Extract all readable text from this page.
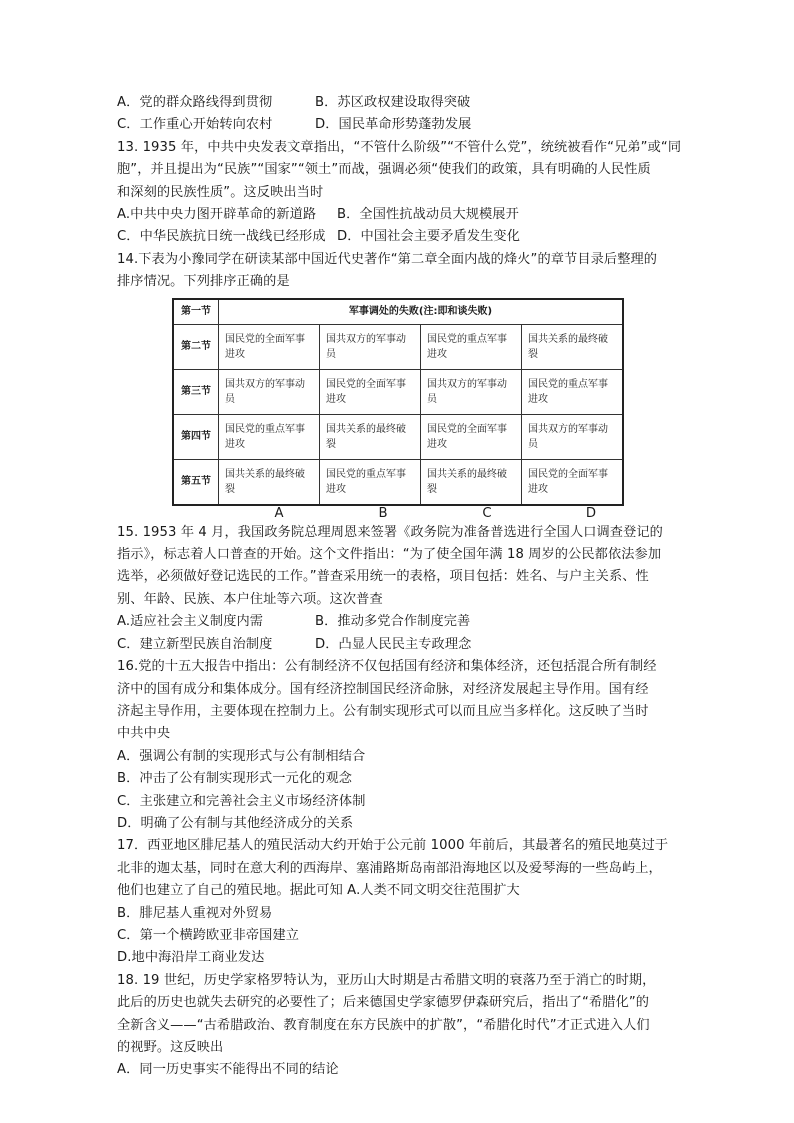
A．党的群众路线得到贯彻	B．苏区政权建设取得突破
C．工作重心开始转向农村	D．国民革命形势蓬勃发展
13. 1935 年，中共中央发表文章指出，“不管什么阶级”“不管什么党”，统统被看作“兄弟”或“同
胞”，并且提出为“民族”“国家”“领土”而战，强调必须“使我们的政策，具有明确的人民性质
和深刻的民族性质”。这反映出当时
A.中共中央力图开辟革命的新道路	B．全国性抗战动员大规模展开
C．中华民族抗日统一战线已经形成 D．中国社会主要矛盾发生变化
14.下表为小豫同学在研读某部中国近代史著作“第二章全面内战的烽火”的章节目录后整理的
排序情况。下列排序正确的是
第一节	军事调处的失败(注:即和谈失败)			
第二节	国民党的全面军事进攻	国共双方的军事动员	国民党的重点军事进攻	国共关系的最终破裂
第三节	国共双方的军事动员	国民党的全面军事进攻	国共双方的军事动员	国民党的重点军事进攻
第四节	国民党的重点军事进攻	国共关系的最终破裂	国民党的全面军事进攻	国共双方的军事动员
第五节	国共关系的最终破裂	国民党的重点军事进攻	国共关系的最终破裂	国民党的全面军事进攻
A	B	C	D
15. 1953 年 4 月，我国政务院总理周恩来签署《政务院为准备普选进行全国人口调查登记的
指示》，标志着人口普查的开始。这个文件指出：“为了使全国年满 18 周岁的公民都依法参加
选举，必须做好登记选民的工作。”普查采用统一的表格，项目包括：姓名、与户主关系、性
别、年龄、民族、本户住址等六项。这次普查
A.适应社会主义制度内需	B．推动多党合作制度完善
C．建立新型民族自治制度	D．凸显人民民主专政理念
16.党的十五大报告中指出：公有制经济不仅包括国有经济和集体经济，还包括混合所有制经
济中的国有成分和集体成分。国有经济控制国民经济命脉，对经济发展起主导作用。国有经
济起主导作用，主要体现在控制力上。公有制实现形式可以而且应当多样化。这反映了当时
中共中央
A．强调公有制的实现形式与公有制相结合
B．冲击了公有制实现形式一元化的观念
C．主张建立和完善社会主义市场经济体制
D．明确了公有制与其他经济成分的关系
17．西亚地区腓尼基人的殖民活动大约开始于公元前 1000 年前后，其最著名的殖民地莫过于
北非的迦太基，同时在意大利的西海岸、塞浦路斯岛南部沿海地区以及爱琴海的一些岛屿上，
他们也建立了自己的殖民地。据此可知 A.人类不同文明交往范围扩大
B．腓尼基人重视对外贸易
C．第一个横跨欧亚非帝国建立
D.地中海沿岸工商业发达
18. 19 世纪，历史学家格罗特认为，亚历山大时期是古希腊文明的衰落乃至于消亡的时期，
此后的历史也就失去研究的必要性了；后来德国史学家德罗伊森研究后，指出了“希腊化”的
全新含义——“古希腊政治、教育制度在东方民族中的扩散”，“希腊化时代”才正式进入人们
的视野。这反映出
A．同一历史事实不能得出不同的结论
